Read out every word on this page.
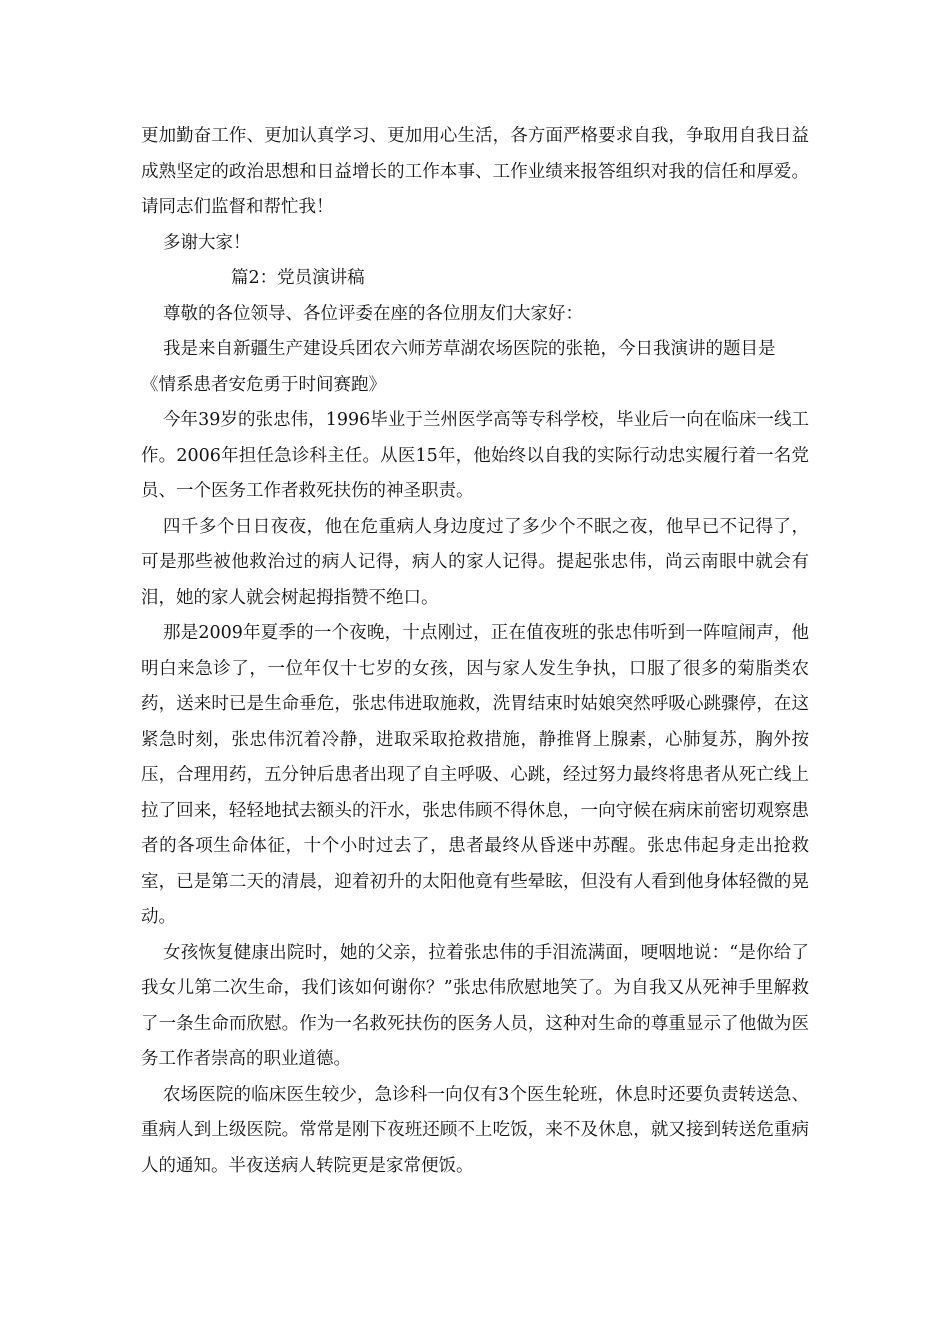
更加勤奋工作、更加认真学习、更加用心生活，各方面严格要求自我，争取用自我日益成熟坚定的政治思想和日益增长的工作本事、工作业绩来报答组织对我的信任和厚爱。请同志们监督和帮忙我！

多谢大家！

篇2：党员演讲稿

尊敬的各位领导、各位评委在座的各位朋友们大家好：

我是来自新疆生产建设兵团农六师芳草湖农场医院的张艳，今日我演讲的题目是

《情系患者安危勇于时间赛跑》

今年39岁的张忠伟，1996毕业于兰州医学高等专科学校，毕业后一向在临床一线工作。2006年担任急诊科主任。从医15年，他始终以自我的实际行动忠实履行着一名党员、一个医务工作者救死扶伤的神圣职责。

四千多个日日夜夜，他在危重病人身边度过了多少个不眠之夜，他早已不记得了，可是那些被他救治过的病人记得，病人的家人记得。提起张忠伟，尚云南眼中就会有泪，她的家人就会树起拇指赞不绝口。

那是2009年夏季的一个夜晚，十点刚过，正在值夜班的张忠伟听到一阵喧闹声，他明白来急诊了，一位年仅十七岁的女孩，因与家人发生争执，口服了很多的菊脂类农药，送来时已是生命垂危，张忠伟进取施救，洗胃结束时姑娘突然呼吸心跳骤停，在这紧急时刻，张忠伟沉着冷静，进取采取抢救措施，静推肾上腺素，心肺复苏，胸外按压，合理用药，五分钟后患者出现了自主呼吸、心跳，经过努力最终将患者从死亡线上拉了回来，轻轻地拭去额头的汗水，张忠伟顾不得休息，一向守候在病床前密切观察患者的各项生命体征，十个小时过去了，患者最终从昏迷中苏醒。张忠伟起身走出抢救室，已是第二天的清晨，迎着初升的太阳他竟有些晕眩，但没有人看到他身体轻微的晃动。

女孩恢复健康出院时，她的父亲，拉着张忠伟的手泪流满面，哽咽地说：“是你给了我女儿第二次生命，我们该如何谢你？”张忠伟欣慰地笑了。为自我又从死神手里解救了一条生命而欣慰。作为一名救死扶伤的医务人员，这种对生命的尊重显示了他做为医务工作者崇高的职业道德。

农场医院的临床医生较少，急诊科一向仅有3个医生轮班，休息时还要负责转送急、重病人到上级医院。常常是刚下夜班还顾不上吃饭，来不及休息，就又接到转送危重病人的通知。半夜送病人转院更是家常便饭。
